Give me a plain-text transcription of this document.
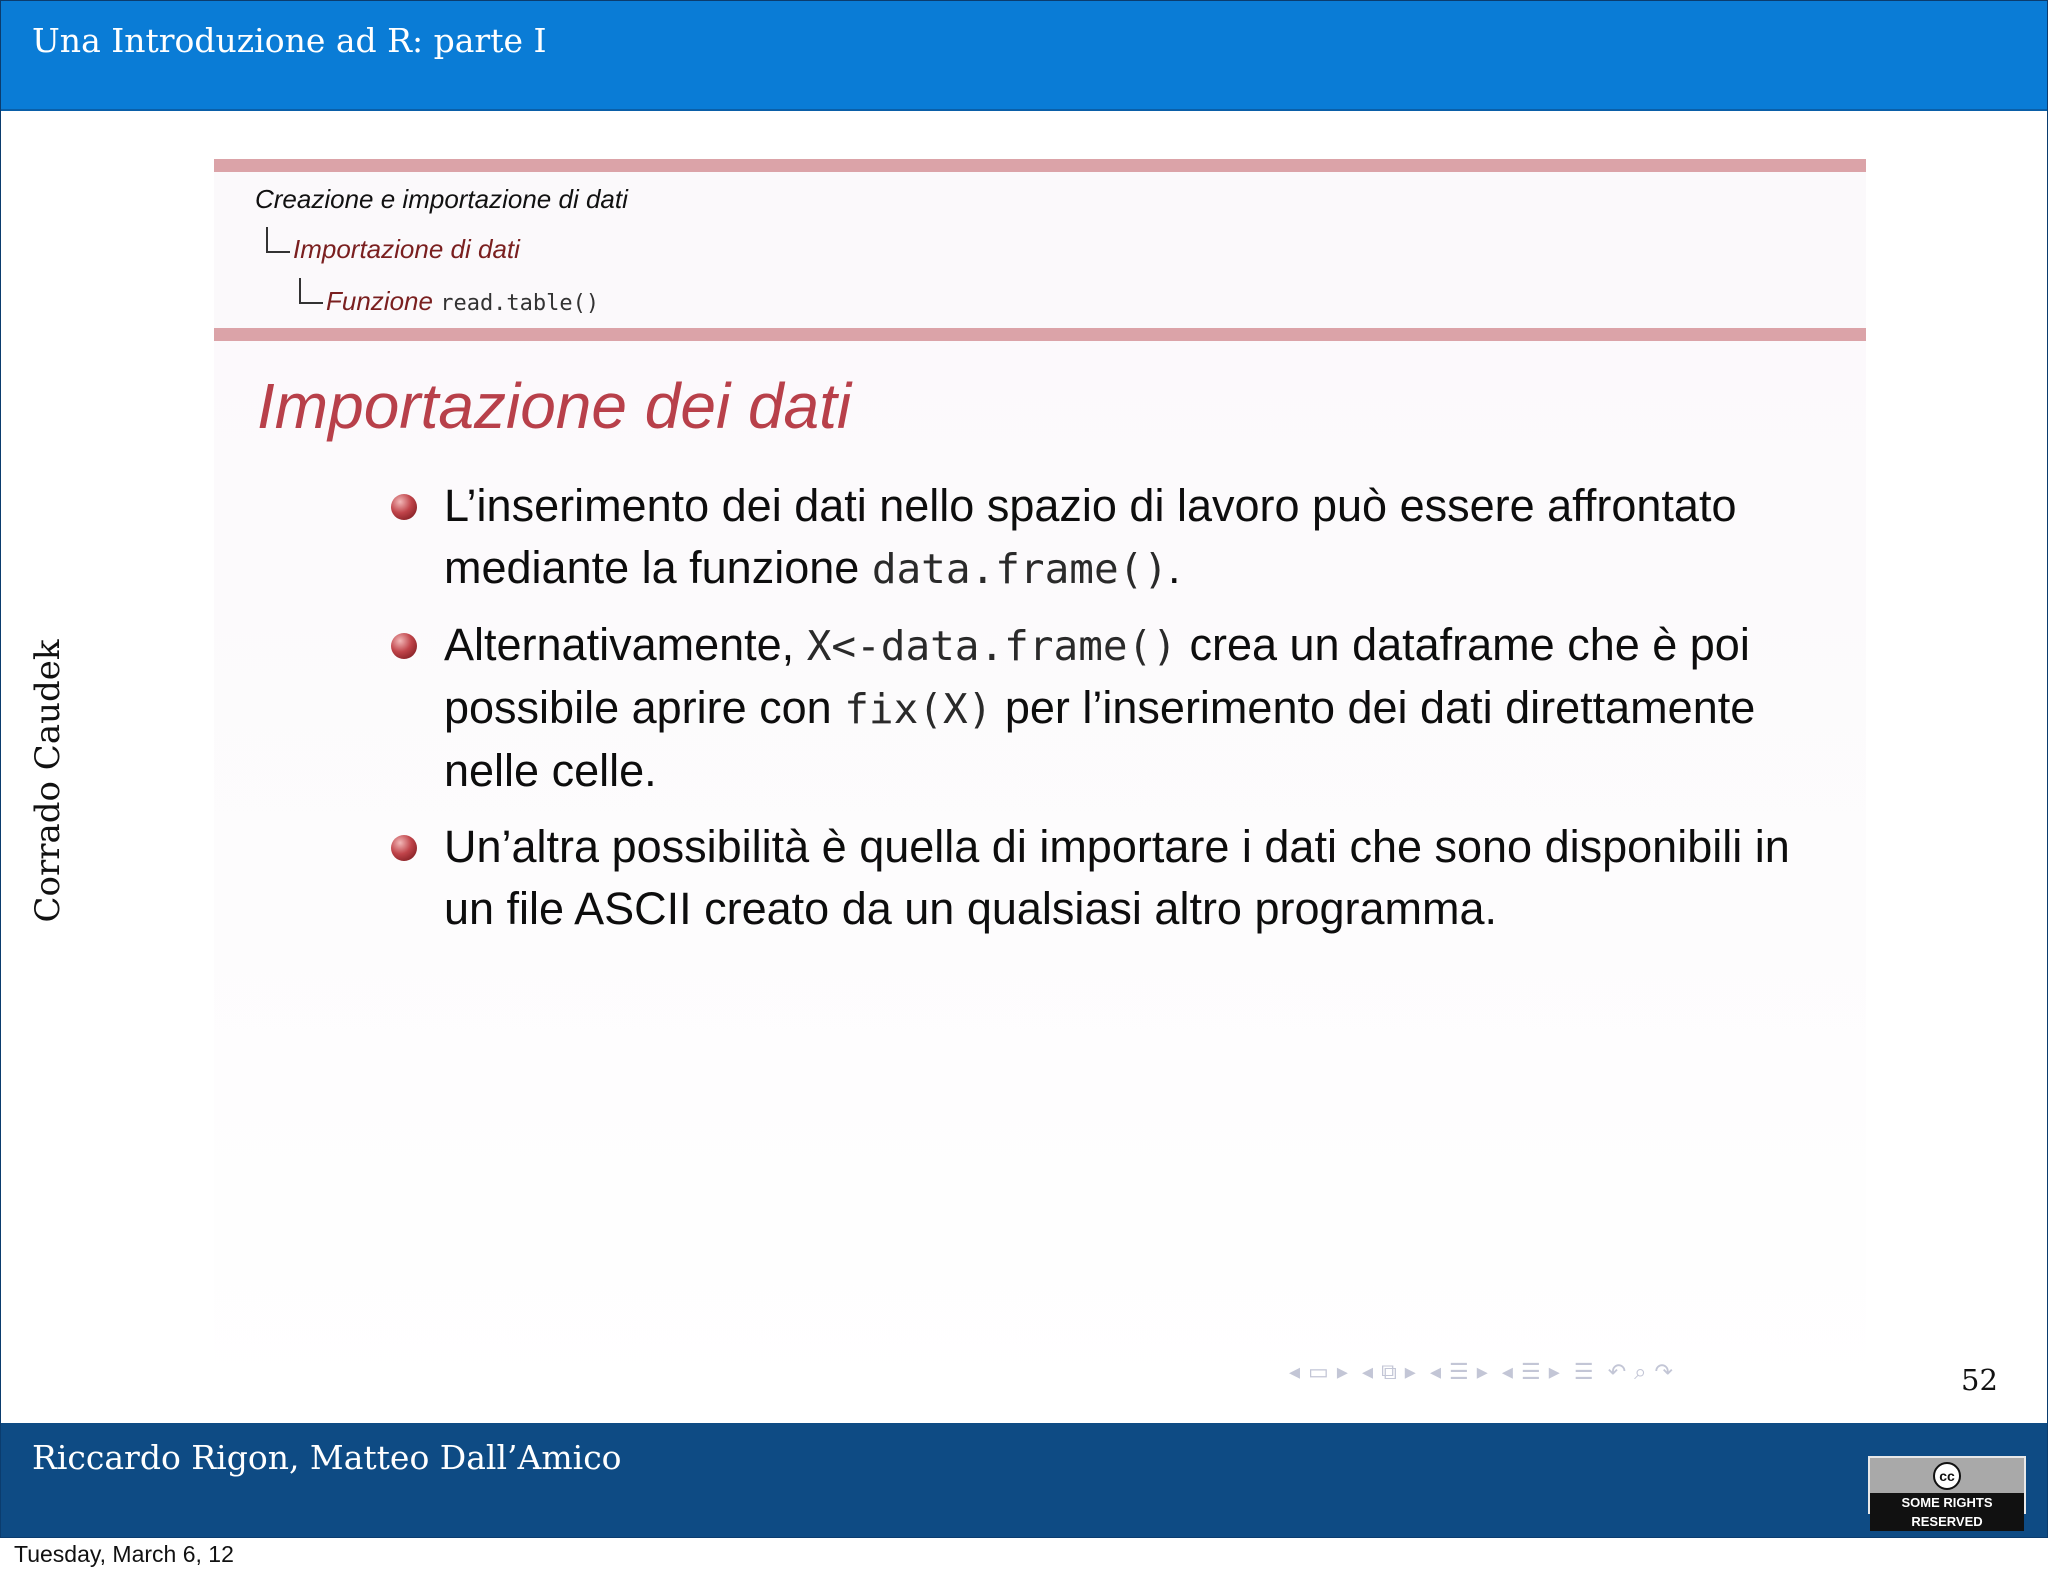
Una Introduzione ad R: parte I
Corrado Caudek
Creazione e importazione di dati
Importazione di dati
Funzione read.table()
Importazione dei dati
L’inserimento dei dati nello spazio di lavoro può essere affrontato mediante la funzione data.frame().
Alternativamente, X<-data.frame() crea un dataframe che è poi possibile aprire con fix(X) per l’inserimento dei dati direttamente nelle celle.
Un’altra possibilità è quella di importare i dati che sono disponibili in un file ASCII creato da un qualsiasi altro programma.
◂ ▭ ▸ ◂ ⧉ ▸ ◂ ☰ ▸ ◂ ☰ ▸ ☰ ↶ ⌕ ↷	52
Riccardo Rigon, Matteo Dall’Amico	cc
SOME RIGHTS RESERVED
Tuesday, March 6, 12
